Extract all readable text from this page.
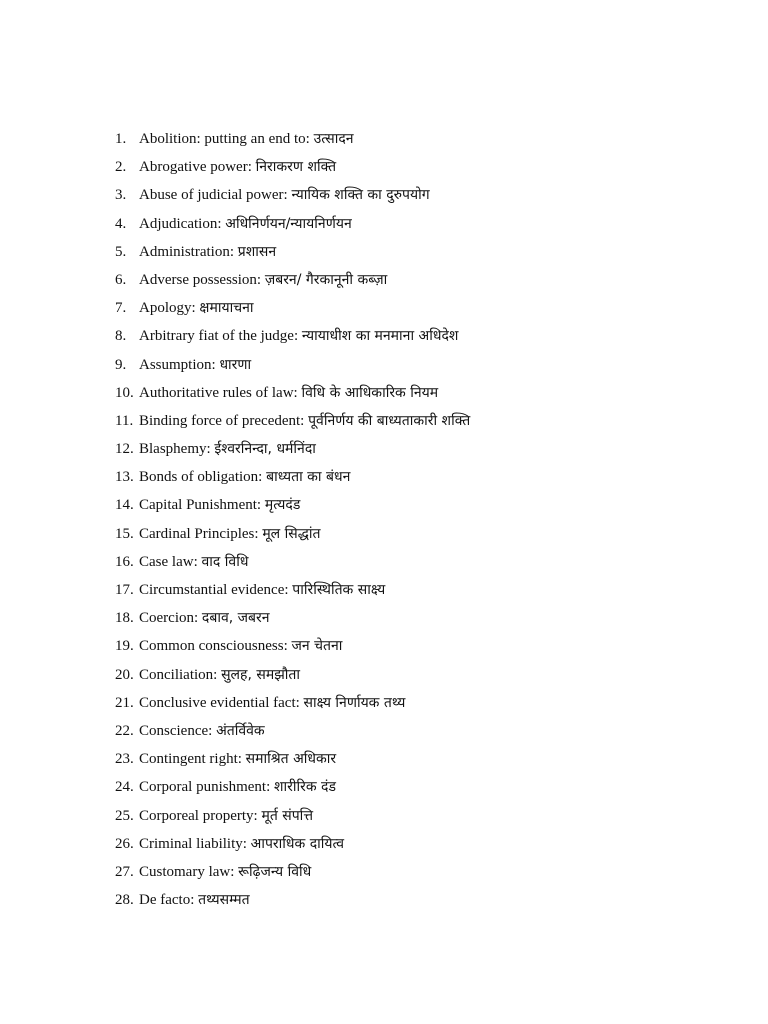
1. Abolition: putting an end to: उत्सादन
2. Abrogative power: निराकरण शक्ति
3. Abuse of judicial power: न्यायिक शक्ति का दुरुपयोग
4. Adjudication: अधिनिर्णयन/न्यायनिर्णयन
5. Administration: प्रशासन
6. Adverse possession: ज़बरन/ गैरकानूनी कब्ज़ा
7. Apology: क्षमायाचना
8. Arbitrary fiat of the judge: न्यायाधीश का मनमाना अधिदेश
9. Assumption: धारणा
10. Authoritative rules of law: विधि के आधिकारिक नियम
11. Binding force of precedent: पूर्वनिर्णय की बाध्यताकारी शक्ति
12. Blasphemy: ईश्वरनिन्दा, धर्मनिंदा
13. Bonds of obligation: बाध्यता का बंधन
14. Capital Punishment: मृत्यदंड
15. Cardinal Principles: मूल सिद्धांत
16. Case law: वाद विधि
17. Circumstantial evidence: पारिस्थितिक साक्ष्य
18. Coercion: दबाव, जबरन
19. Common consciousness: जन चेतना
20. Conciliation: सुलह, समझौता
21. Conclusive evidential fact: साक्ष्य निर्णायक तथ्य
22. Conscience: अंतर्विवेक
23. Contingent right: समाश्रित अधिकार
24. Corporal punishment: शारीरिक दंड
25. Corporeal property: मूर्त संपत्ति
26. Criminal liability: आपराधिक दायित्व
27. Customary law: रूढ़िजन्य विधि
28. De facto: तथ्यसम्मत
